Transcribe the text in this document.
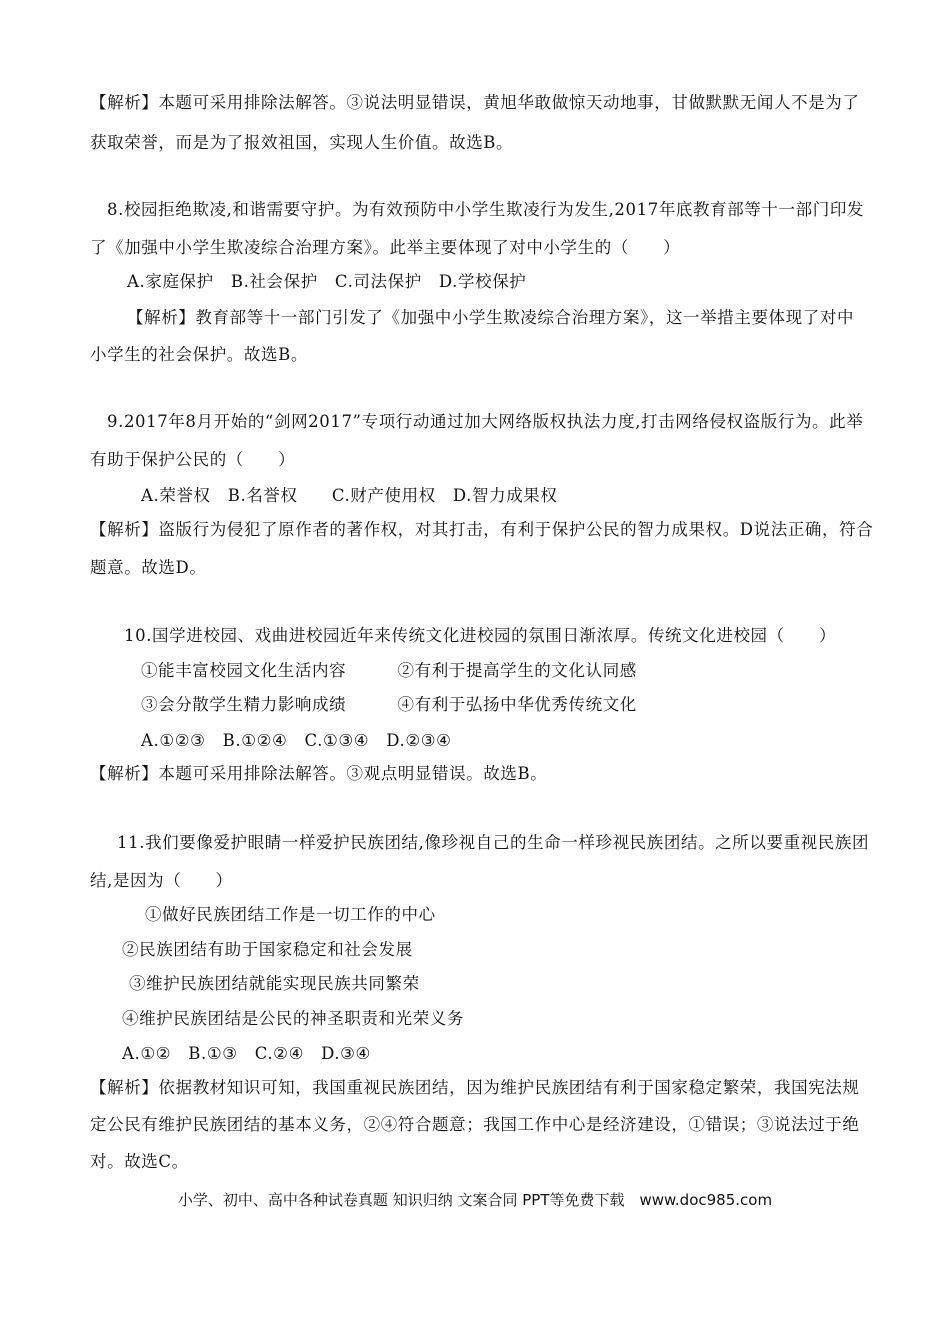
【解析】本题可采用排除法解答。③说法明显错误，黄旭华敢做惊天动地事，甘做默默无闻人不是为了
获取荣誉，而是为了报效祖国，实现人生价值。故选B。
8.校园拒绝欺凌,和谐需要守护。为有效预防中小学生欺凌行为发生,2017年底教育部等十一部门印发
了《加强中小学生欺凌综合治理方案》。此举主要体现了对中小学生的（　　）
A.家庭保护　B.社会保护　C.司法保护　D.学校保护
【解析】教育部等十一部门引发了《加强中小学生欺凌综合治理方案》，这一举措主要体现了对中
小学生的社会保护。故选B。
9.2017年8月开始的“剑网2017”专项行动通过加大网络版权执法力度,打击网络侵权盗版行为。此举
有助于保护公民的（　　）
A.荣誉权　B.名誉权　　C.财产使用权　D.智力成果权
【解析】盗版行为侵犯了原作者的著作权，对其打击，有利于保护公民的智力成果权。D说法正确，符合
题意。故选D。
10.国学进校园、戏曲进校园近年来传统文化进校园的氛围日渐浓厚。传统文化进校园（　　）
①能丰富校园文化生活内容　　　②有利于提高学生的文化认同感
③会分散学生精力影响成绩　　　④有利于弘扬中华优秀传统文化
A.①②③　B.①②④　C.①③④　D.②③④
【解析】本题可采用排除法解答。③观点明显错误。故选B。
11.我们要像爱护眼睛一样爱护民族团结,像珍视自己的生命一样珍视民族团结。之所以要重视民族团
结,是因为（　　）
①做好民族团结工作是一切工作的中心
②民族团结有助于国家稳定和社会发展
③维护民族团结就能实现民族共同繁荣
④维护民族团结是公民的神圣职责和光荣义务
A.①②　B.①③　C.②④　D.③④
【解析】依据教材知识可知，我国重视民族团结，因为维护民族团结有利于国家稳定繁荣，我国宪法规
定公民有维护民族团结的基本义务，②④符合题意；我国工作中心是经济建设，①错误；③说法过于绝
对。故选C。
小学、初中、高中各种试卷真题 知识归纳 文案合同 PPT等免费下载　www.doc985.com
